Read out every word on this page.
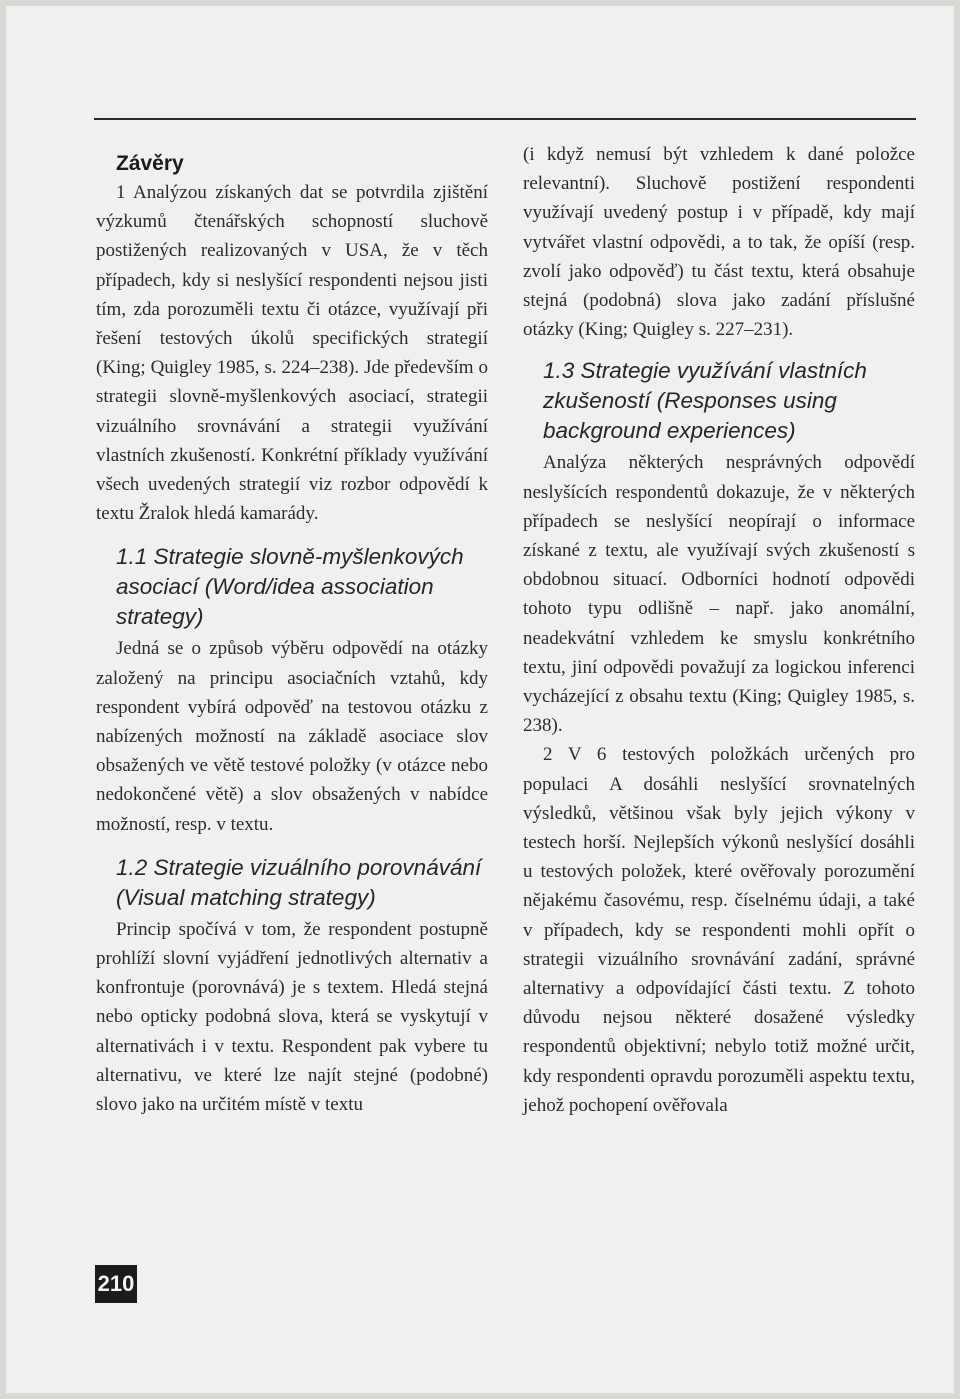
Závěry

1 Analýzou získaných dat se potvrdila zjištění výzkumů čtenářských schopností sluchově postižených realizovaných v USA, že v těch případech, kdy si neslyšící respondenti nejsou jisti tím, zda porozuměli textu či otázce, využívají při řešení testových úkolů specifických strategií (King; Quigley 1985, s. 224–238). Jde především o strategii slovně-myšlenkových asociací, strategii vizuálního srovnávání a strategii využívání vlastních zkušeností. Konkrétní příklady využívání všech uvedených strategií viz rozbor odpovědí k textu Žralok hledá kamarády.

1.1 Strategie slovně-myšlenkových asociací (Word/idea association strategy)

Jedná se o způsob výběru odpovědí na otázky založený na principu asociačních vztahů, kdy respondent vybírá odpověď na testovou otázku z nabízených možností na základě asociace slov obsažených ve větě testové položky (v otázce nebo nedokončené větě) a slov obsažených v nabídce možností, resp. v textu.

1.2 Strategie vizuálního porovnávání (Visual matching strategy)

Princip spočívá v tom, že respondent postupně prohlíží slovní vyjádření jednotlivých alternativ a konfrontuje (porovnává) je s textem. Hledá stejná nebo opticky podobná slova, která se vyskytují v alternativách i v textu. Respondent pak vybere tu alternativu, ve které lze najít stejné (podobné) slovo jako na určitém místě v textu

(i když nemusí být vzhledem k dané položce relevantní). Sluchově postižení respondenti využívají uvedený postup i v případě, kdy mají vytvářet vlastní odpovědi, a to tak, že opíší (resp. zvolí jako odpověď) tu část textu, která obsahuje stejná (podobná) slova jako zadání příslušné otázky (King; Quigley s. 227–231).

1.3 Strategie využívání vlastních zkušeností (Responses using background experiences)

Analýza některých nesprávných odpovědí neslyšících respondentů dokazuje, že v některých případech se neslyšící neopírají o informace získané z textu, ale využívají svých zkušeností s obdobnou situací. Odborníci hodnotí odpovědi tohoto typu odlišně – např. jako anomální, neadekvátní vzhledem ke smyslu konkrétního textu, jiní odpovědi považují za logickou inferenci vycházející z obsahu textu (King; Quigley 1985, s. 238).

2 V 6 testových položkách určených pro populaci A dosáhli neslyšící srovnatelných výsledků, většinou však byly jejich výkony v testech horší. Nejlepších výkonů neslyšící dosáhli u testových položek, které ověřovaly porozumění nějakému časovému, resp. číselnému údaji, a také v případech, kdy se respondenti mohli opřít o strategii vizuálního srovnávání zadání, správné alternativy a odpovídající části textu. Z tohoto důvodu nejsou některé dosažené výsledky respondentů objektivní; nebylo totiž možné určit, kdy respondenti opravdu porozuměli aspektu textu, jehož pochopení ověřovala

210
